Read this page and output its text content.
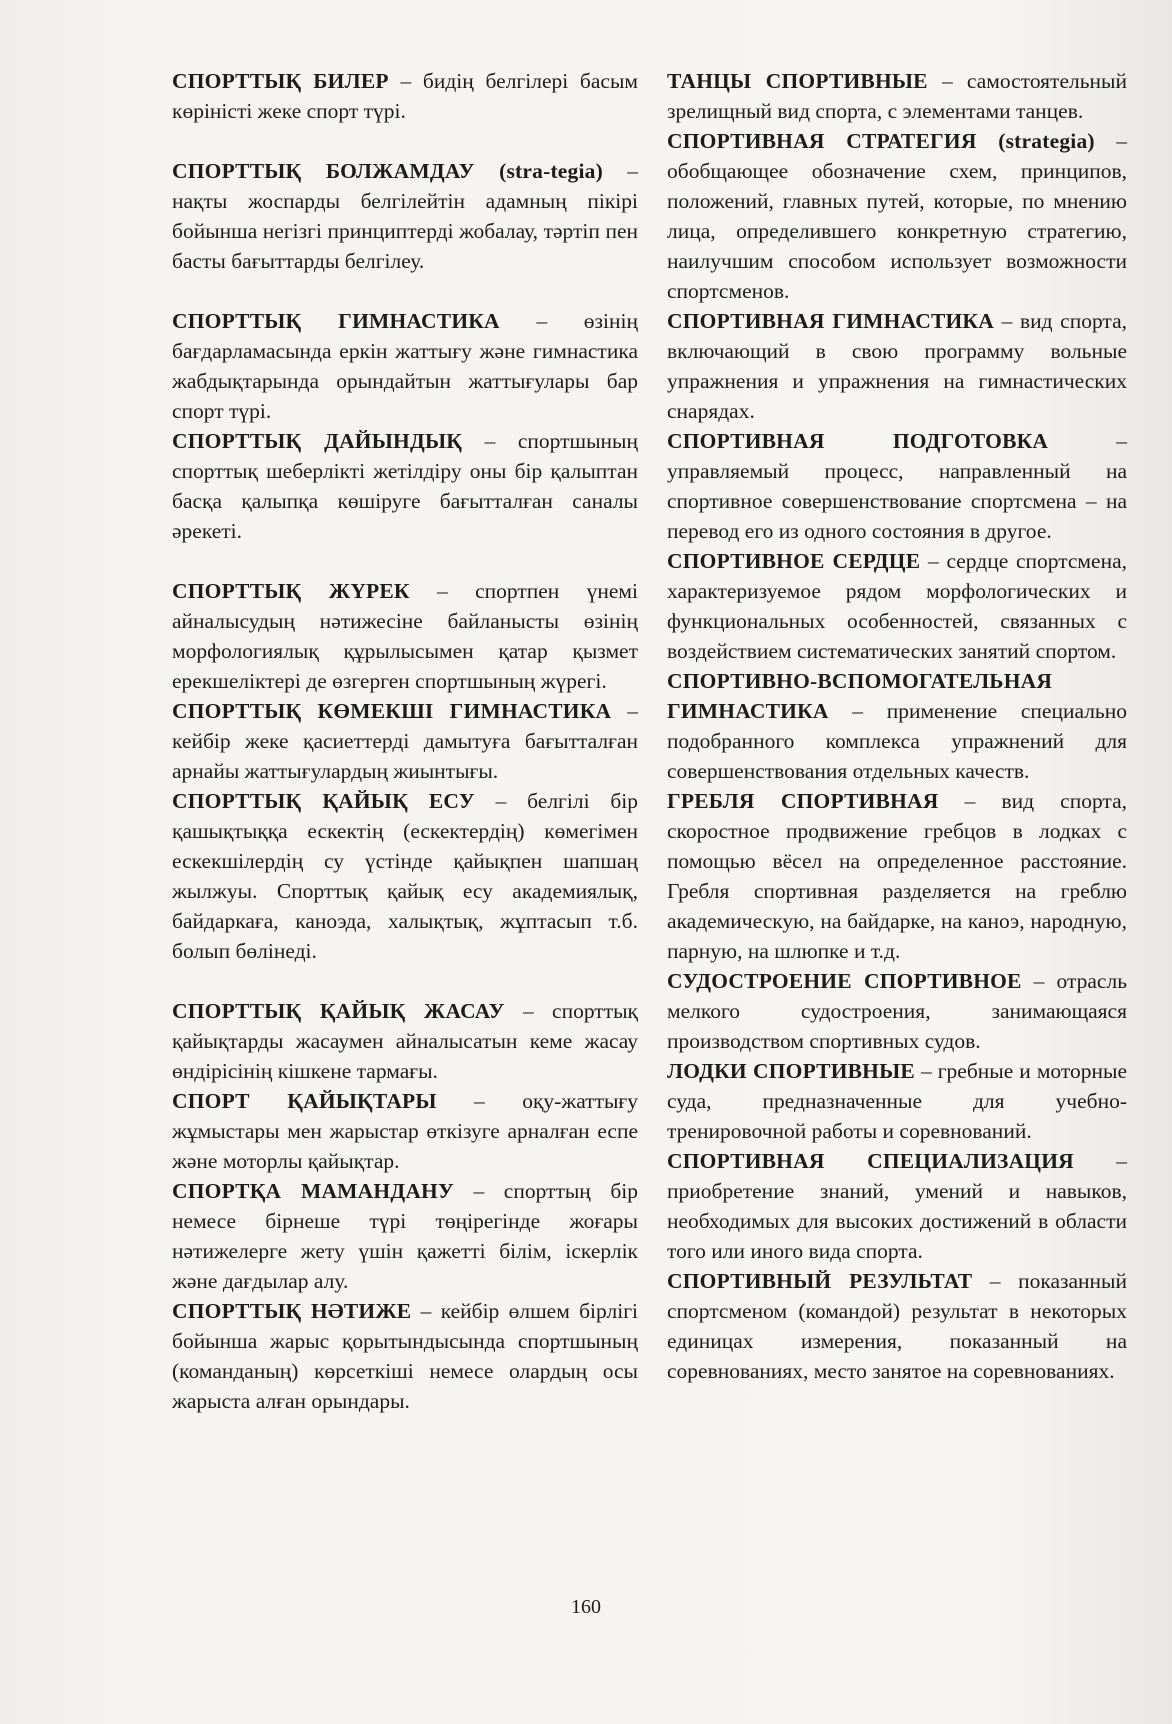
СПОРТТЫҚ БИЛЕР – бидің белгілері басым көріністі жеке спорт түрі.
СПОРТТЫҚ БОЛЖАМДАУ (stra-tegia) – нақты жоспарды белгілейтін адамның пікірі бойынша негізгі принциптерді жобалау, тәртіп пен басты бағыттарды белгілеу.
СПОРТТЫҚ ГИМНАСТИКА – өзінің бағдарламасында еркін жаттығу және гимнастика жабдықтарында орындайтын жаттығулары бар спорт түрі.
СПОРТТЫҚ ДАЙЫНДЫҚ – спортшының спорттық шеберлікті жетілдіру оны бір қалыптан басқа қалыпқа көшіруге бағытталған саналы әрекеті.
СПОРТТЫҚ ЖҮРЕК – спортпен үнемі айналысудың нәтижесіне байланысты өзінің морфологиялық құрылысымен қатар қызмет ерекшеліктері де өзгерген спортшының жүрегі.
СПОРТТЫҚ КӨМЕКШІ ГИМНАСТИКА – кейбір жеке қасиеттерді дамытуға бағытталған арнайы жаттығулардың жиынтығы.
СПОРТТЫҚ ҚАЙЫҚ ЕСУ – белгілі бір қашықтыққа ескектің (ескектердің) көмегімен ескекшілердің су үстінде қайықпен шапшаң жылжуы. Спорттық қайық есу академиялық, байдаркаға, каноэда, халықтық, жұптасып т.б. болып бөлінеді.
СПОРТТЫҚ ҚАЙЫҚ ЖАСАУ – спорттық қайықтарды жасаумен айналысатын кеме жасау өндірісінің кішкене тармағы.
СПОРТ ҚАЙЫҚТАРЫ – оқу-жаттығу жұмыстары мен жарыстар өткізуге арналған еспе және моторлы қайықтар.
СПОРТҚА МАМАНДАНУ – спорттың бір немесе бірнеше түрі төңірегінде жоғары нәтижелерге жету үшін қажетті білім, іскерлік және дағдылар алу.
СПОРТТЫҚ НӘТИЖЕ – кейбір өлшем бірлігі бойынша жарыс қорытындысында спортшының (команданың) көрсеткіші немесе олардың осы жарыста алған орындары.
ТАНЦЫ СПОРТИВНЫЕ – самостоятельный зрелищный вид спорта, с элементами танцев.
СПОРТИВНАЯ СТРАТЕГИЯ (strategia) – обобщающее обозначение схем, принципов, положений, главных путей, которые, по мнению лица, определившего конкретную стратегию, наилучшим способом использует возможности спортсменов.
СПОРТИВНАЯ ГИМНАСТИКА – вид спорта, включающий в свою программу вольные упражнения и упражнения на гимнастических снарядах.
СПОРТИВНАЯ ПОДГОТОВКА – управляемый процесс, направленный на спортивное совершенствование спортсмена – на перевод его из одного состояния в другое.
СПОРТИВНОЕ СЕРДЦЕ – сердце спортсмена, характеризуемое рядом морфологических и функциональных особенностей, связанных с воздействием систематических занятий спортом.
СПОРТИВНО-ВСПОМОГАТЕЛЬНАЯ ГИМНАСТИКА – применение специально подобранного комплекса упражнений для совершенствования отдельных качеств.
ГРЕБЛЯ СПОРТИВНАЯ – вид спорта, скоростное продвижение гребцов в лодках с помощью вёсел на определенное расстояние. Гребля спортивная разделяется на греблю академическую, на байдарке, на каноэ, народную, парную, на шлюпке и т.д.
СУДОСТРОЕНИЕ СПОРТИВНОЕ – отрасль мелкого судостроения, занимающаяся производством спортивных судов.
ЛОДКИ СПОРТИВНЫЕ – гребные и моторные суда, предназначенные для учебно-тренировочной работы и соревнований.
СПОРТИВНАЯ СПЕЦИАЛИЗАЦИЯ – приобретение знаний, умений и навыков, необходимых для высоких достижений в области того или иного вида спорта.
СПОРТИВНЫЙ РЕЗУЛЬТАТ – показанный спортсменом (командой) результат в некоторых единицах измерения, показанный на соревнованиях, место занятое на соревнованиях.
160
